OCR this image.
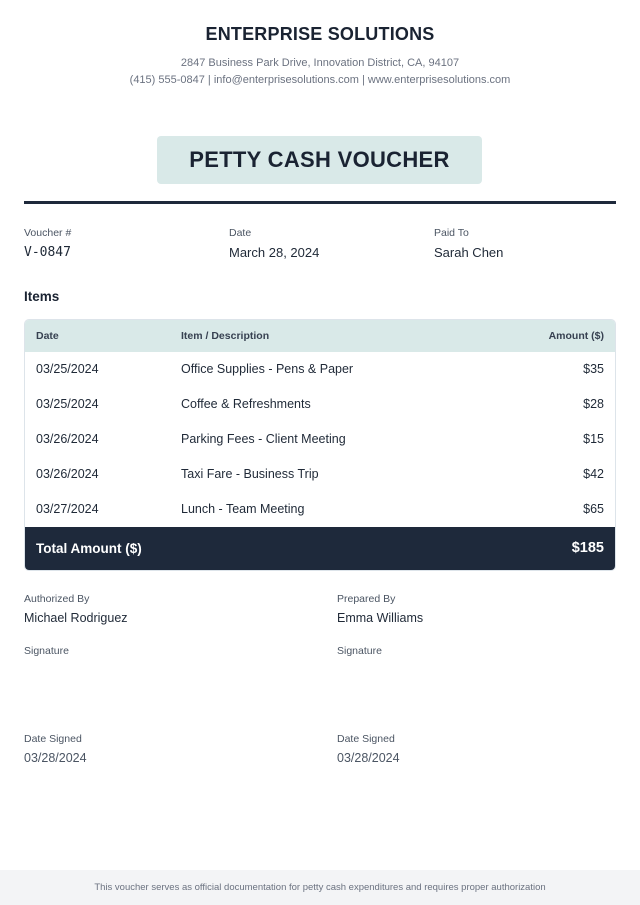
ENTERPRISE SOLUTIONS
2847 Business Park Drive, Innovation District, CA, 94107
(415) 555-0847 | info@enterprisesolutions.com | www.enterprisesolutions.com
PETTY CASH VOUCHER
Voucher #
V-0847
Date
March 28, 2024
Paid To
Sarah Chen
Items
Date	Item / Description	Amount ($)
03/25/2024	Office Supplies - Pens & Paper	$35
03/25/2024	Coffee & Refreshments	$28
03/26/2024	Parking Fees - Client Meeting	$15
03/26/2024	Taxi Fare - Business Trip	$42
03/27/2024	Lunch - Team Meeting	$65
Total Amount ($)	$185
Authorized By
Michael Rodriguez
Signature
Date Signed
03/28/2024
Prepared By
Emma Williams
Signature
Date Signed
03/28/2024
This voucher serves as official documentation for petty cash expenditures and requires proper authorization
